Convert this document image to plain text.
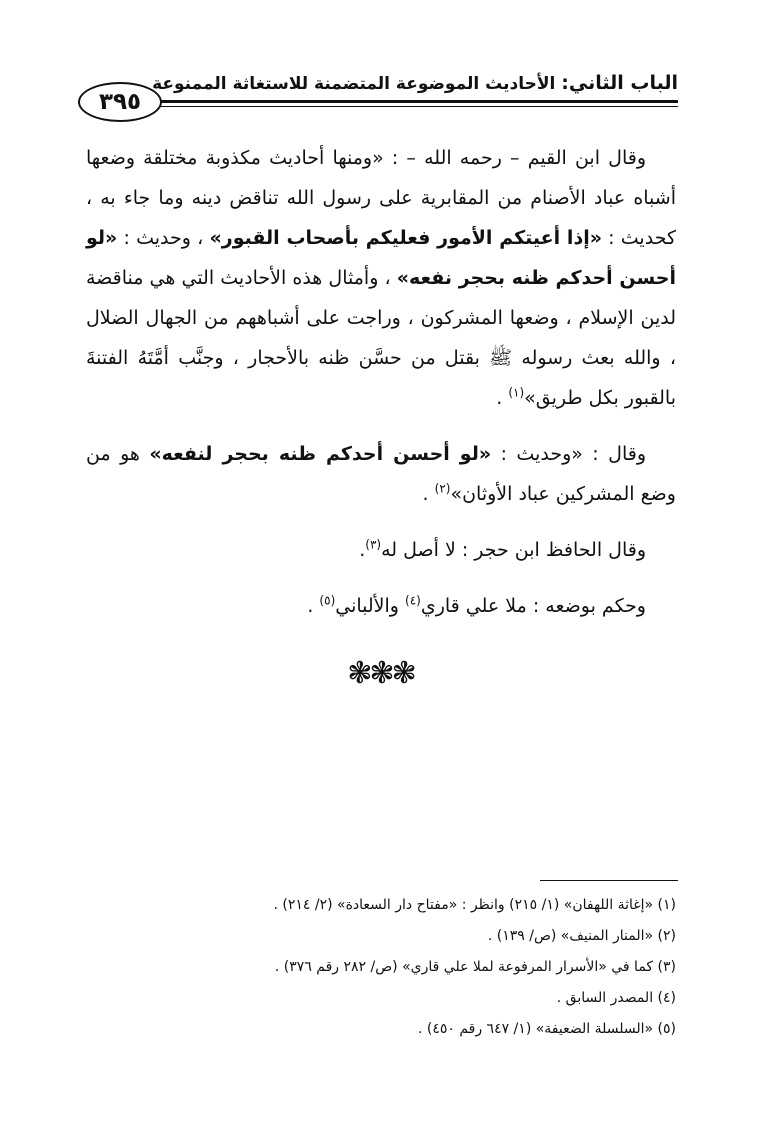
٣٩٥
الباب الثاني: الأحاديث الموضوعة المتضمنة للاستغاثة الممنوعة

وقال ابن القيم – رحمه الله – : «ومنها أحاديث مكذوبة مختلقة وضعها أشباه عباد الأصنام من المقابرية على رسول الله تناقض دينه وما جاء به ، كحديث : «إذا أعيتكم الأمور فعليكم بأصحاب القبور» ، وحديث : «لو أحسن أحدكم ظنه بحجر نفعه» ، وأمثال هذه الأحاديث التي هي مناقضة لدين الإسلام ، وضعها المشركون ، وراجت على أشباههم من الجهال الضلال ، والله بعث رسوله ﷺ بقتل من حسَّن ظنه بالأحجار ، وجنَّب أمَّتَهُ الفتنةَ بالقبور بكل طريق»$^{(١)}$ .

وقال : «وحديث : «لو أحسن أحدكم ظنه بحجر لنفعه» هو من وضع المشركين عباد الأوثان»$^{(٢)}$ .

وقال الحافظ ابن حجر : لا أصل له$^{(٣)}$.

وحكم بوضعه : ملا علي قاري$^{(٤)}$ والألباني$^{(٥)}$ .

❃❃❃
(١) «إغاثة اللهفان» (١/ ٢١٥) وانظر : «مفتاح دار السعادة» (٢/ ٢١٤) .
(٢) «المنار المنيف» (ص/ ١٣٩) .
(٣) كما في «الأسرار المرفوعة لملا علي قاري» (ص/ ٢٨٢ رقم ٣٧٦) .
(٤) المصدر السابق .
(٥) «السلسلة الضعيفة» (١/ ٦٤٧ رقم ٤٥٠) .
